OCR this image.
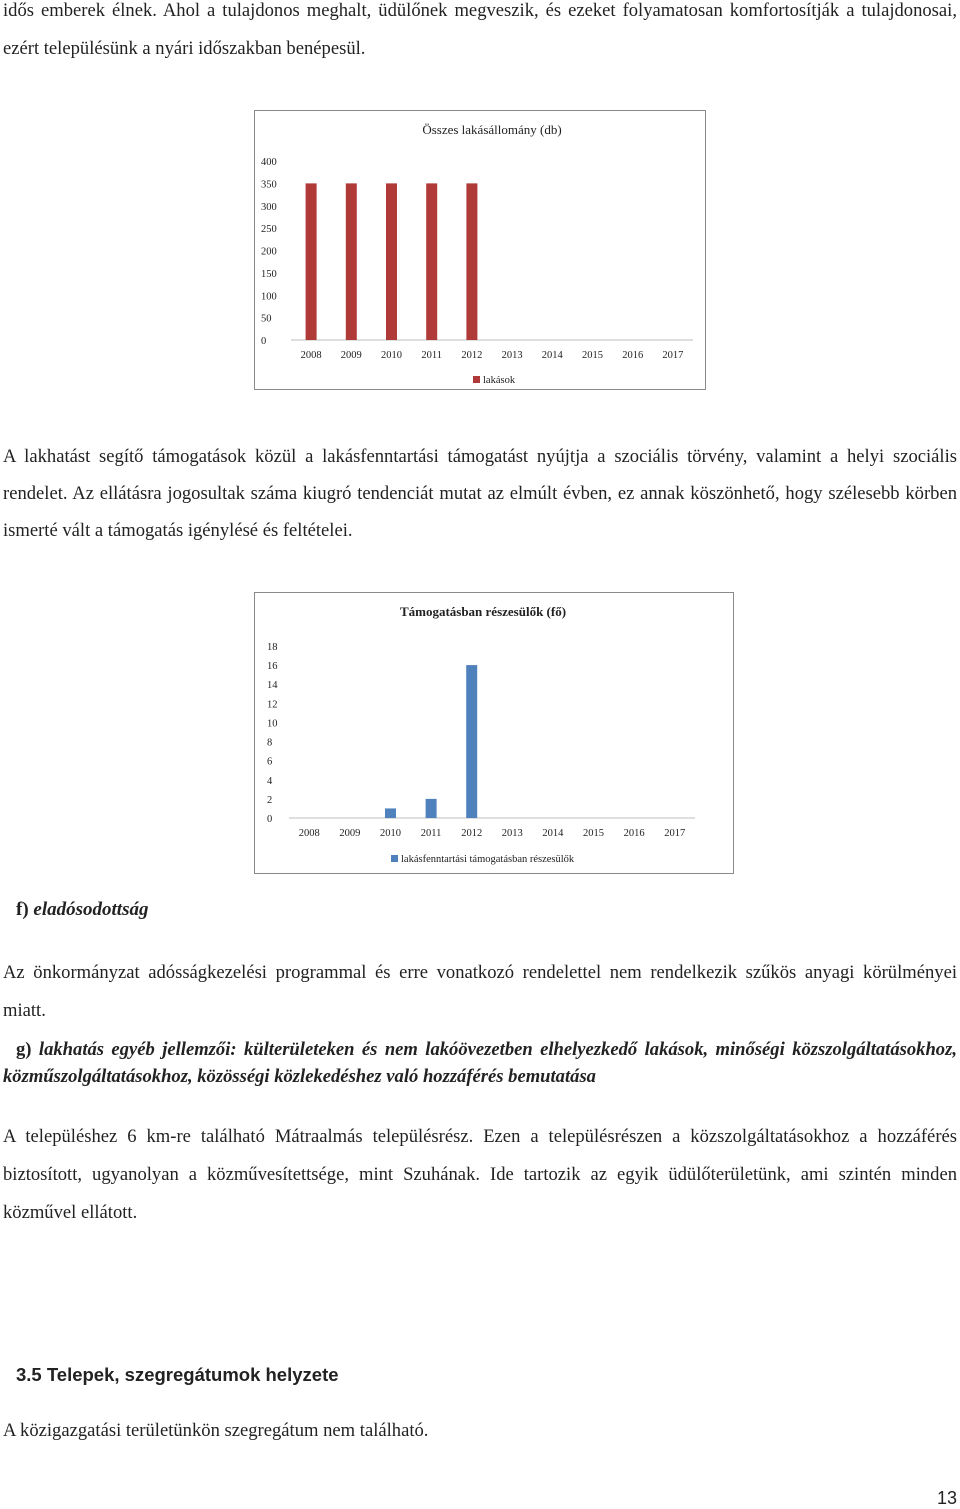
idős emberek élnek. Ahol a tulajdonos meghalt, üdülőnek megveszik, és ezeket folyamatosan komfortosítják a tulajdonosai, ezért településünk a nyári időszakban benépesül.

Összes lakásállomány (db)
0
50
100
150
200
250
300
350
400
2008 2009 2010 2011 2012 2013 2014 2015 2016 2017
lakások

A lakhatást segítő támogatások közül a lakásfenntartási támogatást nyújtja a szociális törvény, valamint a helyi szociális rendelet. Az ellátásra jogosultak száma kiugró tendenciát mutat az elmúlt évben, ez annak köszönhető, hogy szélesebb körben ismerté vált a támogatás igénylésé és feltételei.

Támogatásban részesülők (fő)
0
2
4
6
8
10
12
14
16
18
2008 2009 2010 2011 2012 2013 2014 2015 2016 2017
lakásfenntartási támogatásban részesülők

f) eladósodottság

Az önkormányzat adósságkezelési programmal és erre vonatkozó rendelettel nem rendelkezik szűkös anyagi körülményei miatt.

g) lakhatás egyéb jellemzői: külterületeken és nem lakóövezetben elhelyezkedő lakások, minőségi közszolgáltatásokhoz, közműszolgáltatásokhoz, közösségi közlekedéshez való hozzáférés bemutatása

A településhez 6 km-re található Mátraalmás településrész. Ezen a településrészen a közszolgáltatásokhoz a hozzáférés biztosított, ugyanolyan a közművesítettsége, mint Szuhának. Ide tartozik az egyik üdülőterületünk, ami szintén minden közművel ellátott.

3.5 Telepek, szegregátumok helyzete

A közigazgatási területünkön szegregátum nem található.

13
